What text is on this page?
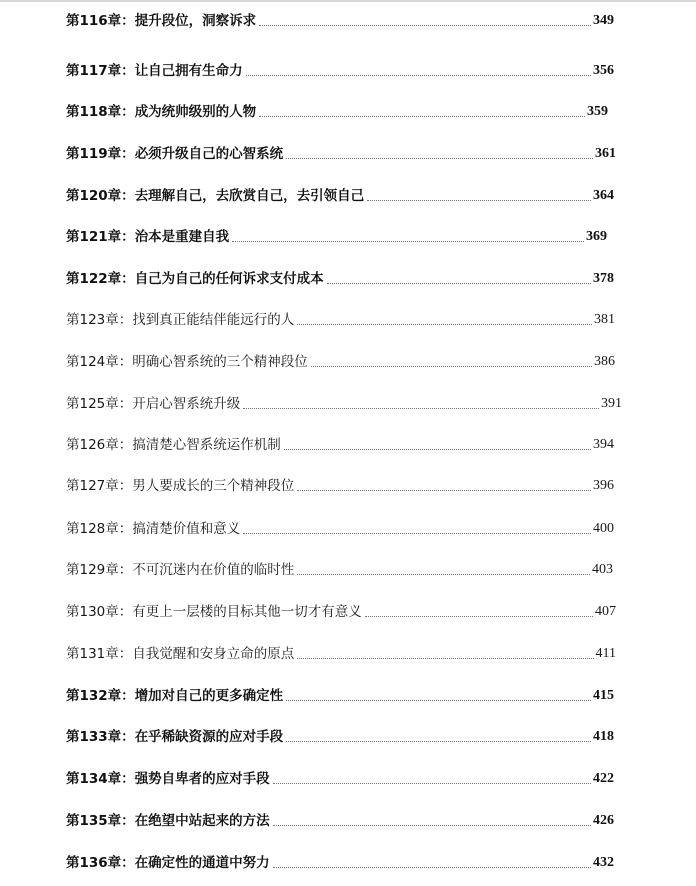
第116章：提升段位，洞察诉求	349
第117章：让自己拥有生命力	356
第118章：成为统帅级别的人物	359
第119章：必须升级自己的心智系统	361
第120章：去理解自己，去欣赏自己，去引领自己	364
第121章：治本是重建自我	369
第122章：自己为自己的任何诉求支付成本	378
第123章：找到真正能结伴能远行的人	381
第124章：明确心智系统的三个精神段位	386
第125章：开启心智系统升级	391
第126章：搞清楚心智系统运作机制	394
第127章：男人要成长的三个精神段位	396
第128章：搞清楚价值和意义	400
第129章：不可沉迷内在价值的临时性	403
第130章：有更上一层楼的目标其他一切才有意义	407
第131章：自我觉醒和安身立命的原点	411
第132章：增加对自己的更多确定性	415
第133章：在乎稀缺资源的应对手段	418
第134章：强势自卑者的应对手段	422
第135章：在绝望中站起来的方法	426
第136章：在确定性的通道中努力	432
